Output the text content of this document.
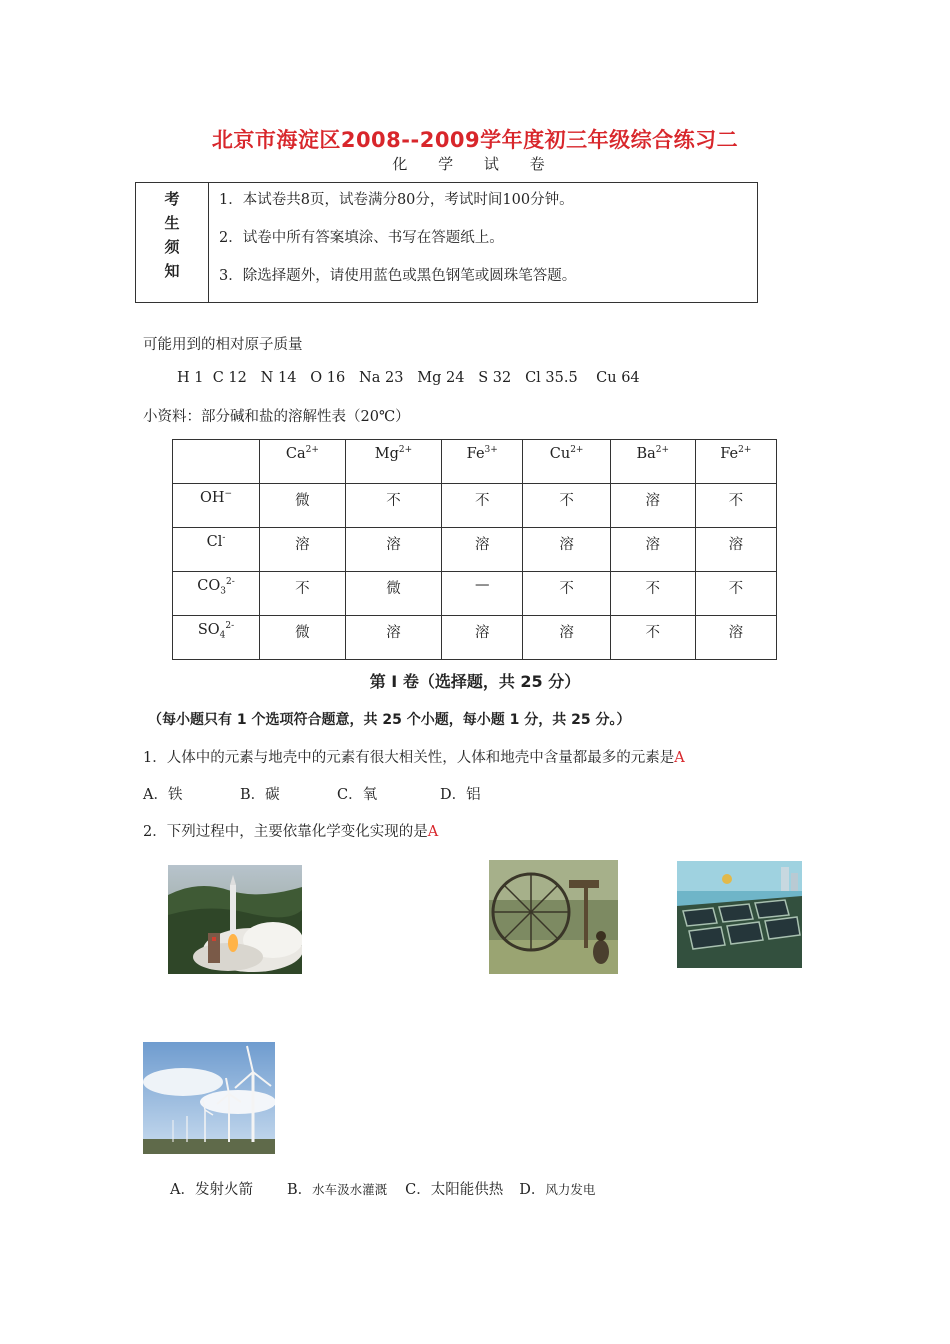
北京市海淀区2008--2009学年度初三年级综合练习二
化 学 试 卷
考
生
须
知

1．本试卷共8页，试卷满分80分，考试时间100分钟。
2．试卷中所有答案填涂、书写在答题纸上。
3．除选择题外，请使用蓝色或黑色钢笔或圆珠笔答题。
可能用到的相对原子质量
H 1  C 12   N 14   O 16   Na 23   Mg 24   S 32   Cl 35.5    Cu 64
小资料：部分碱和盐的溶解性表（20℃）
	$Ca^{2+}$	$Mg^{2+}$	$Fe^{3+}$	$Cu^{2+}$	$Ba^{2+}$	$Fe^{2+}$
OH−	微	不	不	不	溶	不
Cl-	溶	溶	溶	溶	溶	溶
$CO_3^{2-}$	不	微	—	不	不	不
$SO_4^{2-}$	微	溶	溶	溶	不	溶
第 I 卷（选择题，共 25 分）
（每小题只有 1 个选项符合题意，共 25 个小题，每小题 1 分，共 25 分。）
1．人体中的元素与地壳中的元素有很大相关性，人体和地壳中含量都最多的元素是A
A．铁	B．碳	C．氧	D．铝
2．下列过程中，主要依靠化学变化实现的是A
A．发射火箭 B．水车汲水灌溉 C．太阳能供热 D．风力发电
